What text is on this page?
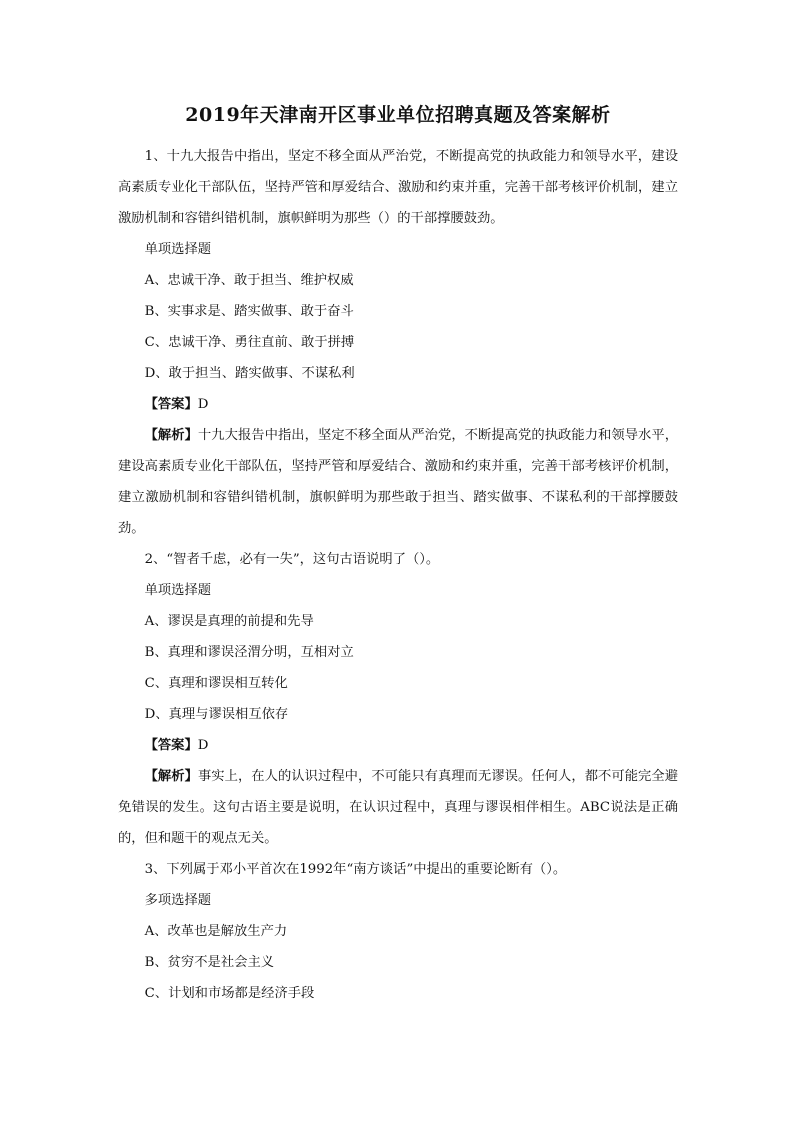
2019年天津南开区事业单位招聘真题及答案解析

1、十九大报告中指出，坚定不移全面从严治党，不断提高党的执政能力和领导水平，建设高素质专业化干部队伍，坚持严管和厚爱结合、激励和约束并重，完善干部考核评价机制，建立激励机制和容错纠错机制，旗帜鲜明为那些（）的干部撑腰鼓劲。

单项选择题

A、忠诚干净、敢于担当、维护权威

B、实事求是、踏实做事、敢于奋斗

C、忠诚干净、勇往直前、敢于拼搏

D、敢于担当、踏实做事、不谋私利

【答案】D

【解析】十九大报告中指出，坚定不移全面从严治党，不断提高党的执政能力和领导水平，建设高素质专业化干部队伍，坚持严管和厚爱结合、激励和约束并重，完善干部考核评价机制，建立激励机制和容错纠错机制，旗帜鲜明为那些敢于担当、踏实做事、不谋私利的干部撑腰鼓劲。

2、“智者千虑，必有一失”，这句古语说明了（）。

单项选择题

A、谬误是真理的前提和先导

B、真理和谬误泾渭分明，互相对立

C、真理和谬误相互转化

D、真理与谬误相互依存

【答案】D

【解析】事实上，在人的认识过程中，不可能只有真理而无谬误。任何人，都不可能完全避免错误的发生。这句古语主要是说明，在认识过程中，真理与谬误相伴相生。ABC说法是正确的，但和题干的观点无关。

3、下列属于邓小平首次在1992年“南方谈话”中提出的重要论断有（）。

多项选择题

A、改革也是解放生产力

B、贫穷不是社会主义

C、计划和市场都是经济手段
